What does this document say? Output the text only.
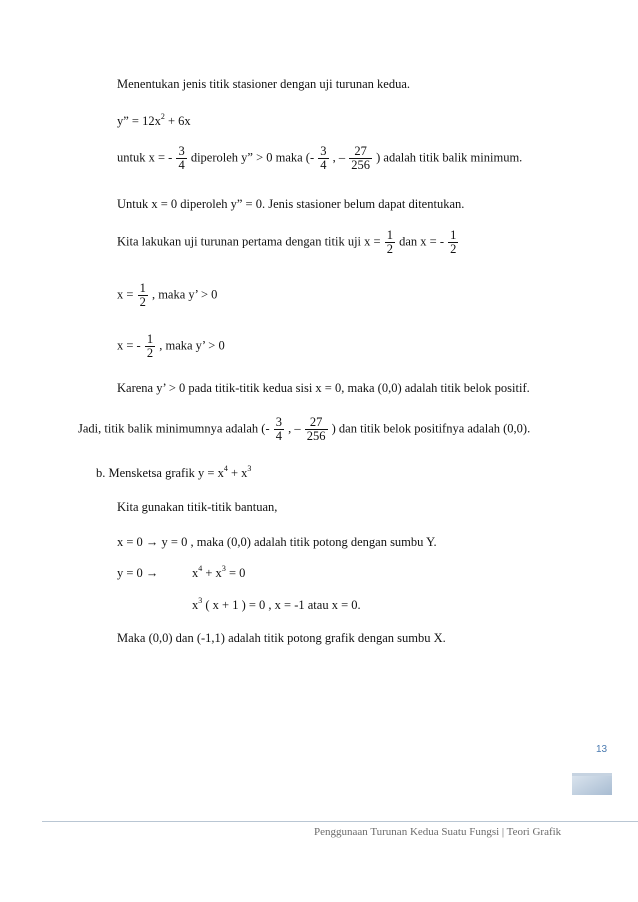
Menentukan jenis titik stasioner dengan uji turunan kedua.
y” = $12x^2 + 6x$
untuk x = - $\frac{3}{4}$ diperoleh y” > 0 maka (- $\frac{3}{4}$ , – $\frac{27}{256}$ ) adalah titik balik minimum.
Untuk x = 0 diperoleh y” = 0. Jenis stasioner belum dapat ditentukan.
Kita lakukan uji turunan pertama dengan titik uji $x = \frac{1}{2}$ dan x = - $\frac{1}{2}$
$x = \frac{1}{2}$ , maka y’ > 0
x = - $\frac{1}{2}$ , maka y’ > 0
Karena y’ > 0 pada titik-titik kedua sisi x = 0, maka (0,0) adalah titik belok positif.
Jadi, titik balik minimumnya adalah (- $\frac{3}{4}$ , – $\frac{27}{256}$ ) dan titik belok positifnya adalah (0,0).
b. Mensketsa grafik $y = x^4 + x^3$
Kita gunakan titik-titik bantuan,
x = 0 → y = 0 , maka (0,0) adalah titik potong dengan sumbu Y.
y = 0 →	$x^4 + x^3 = 0$
$x^3$ ( x + 1 ) = 0 , x = -1 atau x = 0.
Maka (0,0) dan (-1,1) adalah titik potong grafik dengan sumbu X.
13
Penggunaan Turunan Kedua Suatu Fungsi | Teori Grafik
